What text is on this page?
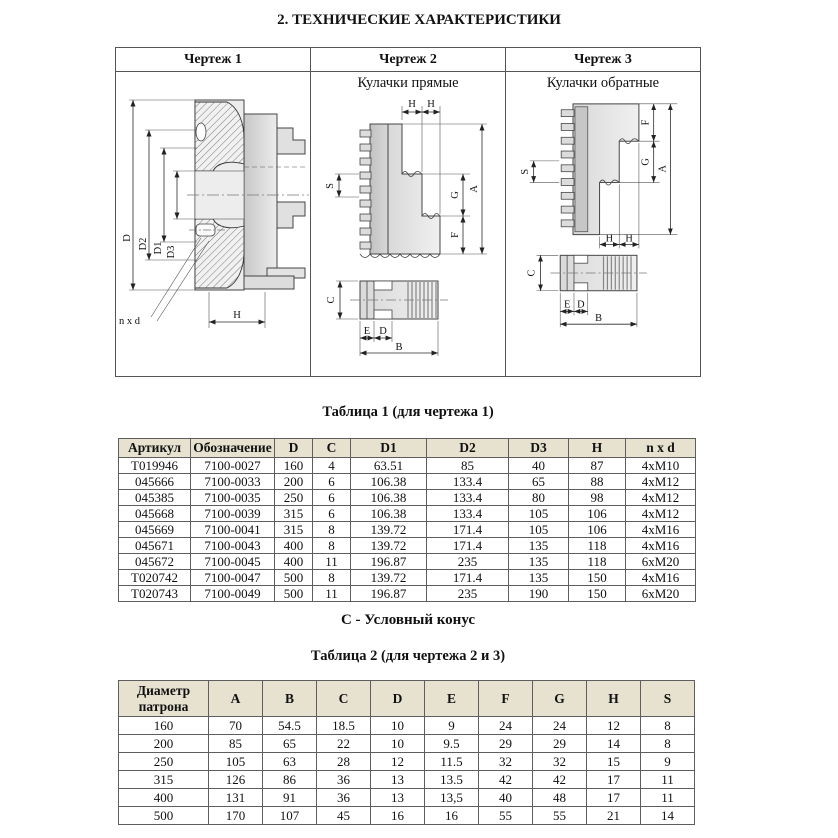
2. ТЕХНИЧЕСКИЕ ХАРАКТЕРИСТИКИ
Чертеж 1	Чертеж 2	Чертеж 3
D D2 D1 D3
n x d
H
Кулачки прямые
H H
S
G
F
A
C
E D
B
Кулачки обратные
F
G
A
S
H H
C
E D
B
Таблица 1 (для чертежа 1)
Артикул	Обозначение	D	C	D1	D2	D3	H	n x d
T019946	7100-0027	160	4	63.51	85	40	87	4xM10
045666	7100-0033	200	6	106.38	133.4	65	88	4xM12
045385	7100-0035	250	6	106.38	133.4	80	98	4xM12
045668	7100-0039	315	6	106.38	133.4	105	106	4xM12
045669	7100-0041	315	8	139.72	171.4	105	106	4xM16
045671	7100-0043	400	8	139.72	171.4	135	118	4xM16
045672	7100-0045	400	11	196.87	235	135	118	6xM20
T020742	7100-0047	500	8	139.72	171.4	135	150	4xM16
T020743	7100-0049	500	11	196.87	235	190	150	6xM20
С - Условный конус
Таблица 2 (для чертежа 2 и 3)
Диаметр патрона	A	B	C	D	E	F	G	H	S
160	70	54.5	18.5	10	9	24	24	12	8
200	85	65	22	10	9.5	29	29	14	8
250	105	63	28	12	11.5	32	32	15	9
315	126	86	36	13	13.5	42	42	17	11
400	131	91	36	13	13,5	40	48	17	11
500	170	107	45	16	16	55	55	21	14
